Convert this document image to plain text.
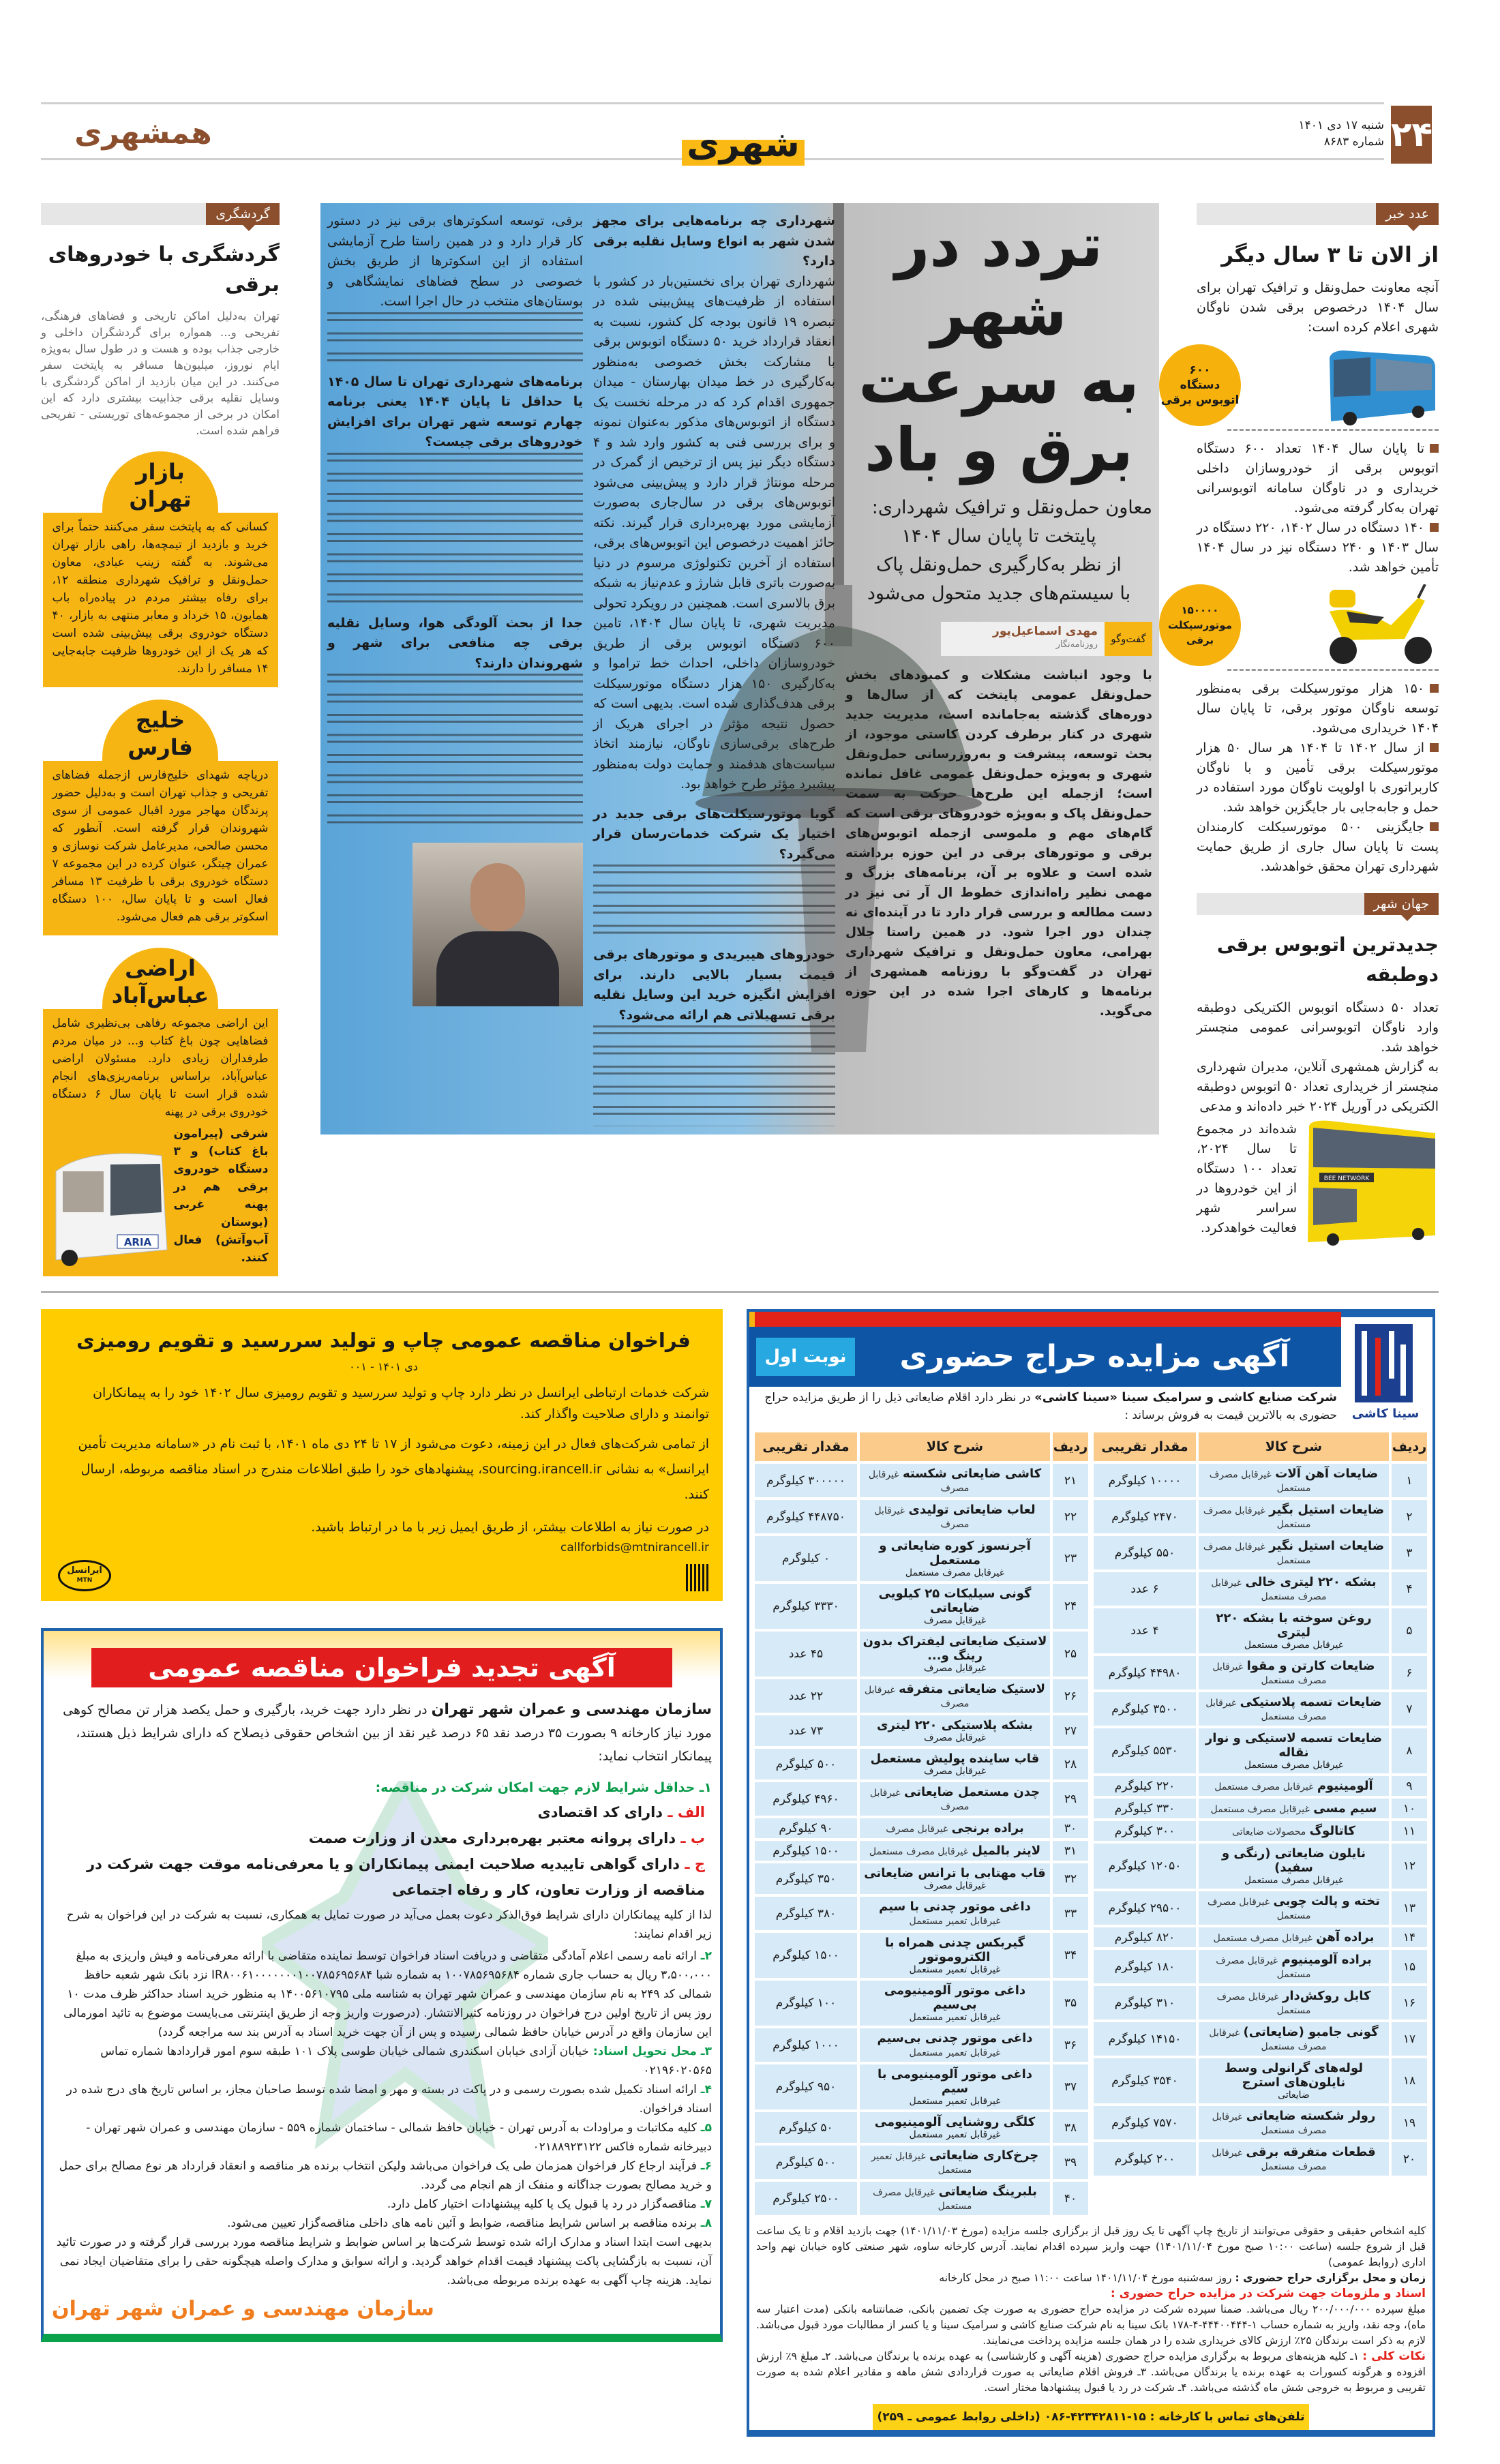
۲۴
شنبه ۱۷ دی ۱۴۰۱
شماره ۸۶۸۳
همشهری	شهری
گردشگری
گردشگری با خودروهای برقی
تهران به‌دلیل اماکن تاریخی و فضاهای فرهنگی، تفریحی و... همواره برای گردشگران داخلی و خارجی جذاب بوده و هست و در طول سال به‌ویژه ایام نوروز، میلیون‌ها مسافر به پایتخت سفر می‌کنند. در این میان بازدید از اماکن گردشگری با وسایل نقلیه برقی جذابیت بیشتری دارد که این امکان در برخی از مجموعه‌های توریستی - تفریحی فراهم شده است.
بازار
تهران
کسانی که به پایتخت سفر می‌کنند حتماً برای خرید و بازدید از تیمچه‌ها، راهی بازار تهران می‌شوند. به گفته زینب عبادی، معاون حمل‌ونقل و ترافیک شهرداری منطقه ۱۲، برای رفاه بیشتر مردم در پیاده‌راه باب همایون، ۱۵ خرداد و معابر منتهی به بازار، ۴۰ دستگاه خودروی برقی پیش‌بینی شده است که هر یک از این خودروها ظرفیت جابه‌جایی ۱۴ مسافر را دارند.
خلیج
فارس
دریاچه شهدای خلیج‌فارس ازجمله فضاهای تفریحی و جذاب تهران است و به‌دلیل حضور پرندگان مهاجر مورد اقبال عمومی از سوی شهروندان قرار گرفته است. آنطور که محسن صالحی، مدیرعامل شرکت نوسازی و عمران چیتگر، عنوان کرده در این مجموعه ۷ دستگاه خودروی برقی با ظرفیت ۱۳ مسافر فعال است و تا پایان سال، ۱۰۰ دستگاه اسکوتر برقی هم فعال می‌شود.
اراضی
عباس‌آباد
این اراضی مجموعه رفاهی بی‌نظیری شامل فضاهایی چون باغ کتاب و... در میان مردم طرفداران زیادی دارد. مسئولان اراضی عباس‌آباد، براساس برنامه‌ریزی‌های انجام شده قرار است تا پایان سال ۶ دستگاه خودروی برقی در پهنه
ARIA
شرقی (پیرامون باغ کتاب) و ۳ دستگاه خودروی برقی هم در پهنه غربی (بوستان آب‌وآتش) فعال کنند.
تردد در شهر
به سرعت
برق و باد
معاون حمل‌ونقل و ترافیک شهرداری:
پایتخت تا پایان سال ۱۴۰۴
از نظر به‌کارگیری حمل‌ونقل پاک
با سیستم‌های جدید متحول می‌شود
گفت‌وگو
مهدی اسماعیل‌پور
روزنامه‌نگار
با وجود انباشت مشکلات و کمبودهای بخش حمل‌ونقل عمومی پایتخت که از سال‌ها و دوره‌های گذشته به‌جامانده است، مدیریت جدید شهری در کنار برطرف کردن کاستی موجود، از بحث توسعه، پیشرفت و به‌روزرسانی حمل‌ونقل شهری و به‌ویژه حمل‌ونقل عمومی غافل نمانده است؛ ازجمله این طرح‌ها حرکت به سمت حمل‌ونقل پاک و به‌ویژه خودروهای برقی است که گام‌های مهم و ملموسی ازجمله اتوبوس‌های برقی و موتورهای برقی در این حوزه برداشته شده است و علاوه بر آن، برنامه‌های بزرگ و مهمی نظیر راه‌اندازی خطوط ال آر تی نیز در دست مطالعه و بررسی قرار دارد تا در آینده‌ای نه چندان دور اجرا شود. در همین راستا جلال بهرامی، معاون حمل‌ونقل و ترافیک شهرداری تهران در گفت‌وگو با روزنامه همشهری از برنامه‌ها و کارهای اجرا شده در این حوزه می‌گوید.
شهرداری چه برنامه‌هایی برای مجهز شدن شهر به انواع وسایل نقلیه برقی دارد؟
شهرداری تهران برای نخستین‌بار در کشور با استفاده از ظرفیت‌های پیش‌بینی شده در تبصره ۱۹ قانون بودجه کل کشور، نسبت به انعقاد قرارداد خرید ۵۰ دستگاه اتوبوس برقی با مشارکت بخش خصوصی به‌منظور به‌کارگیری در خط میدان بهارستان - میدان جمهوری اقدام کرد که در مرحله نخست یک دستگاه از اتوبوس‌های مذکور به‌عنوان نمونه و برای بررسی فنی به کشور وارد شد و ۴ دستگاه دیگر نیز پس از ترخیص از گمرک در مرحله مونتاژ قرار دارد و پیش‌بینی می‌شود اتوبوس‌های برقی در سال‌جاری به‌صورت آزمایشی مورد بهره‌برداری قرار گیرند. نکته حائز اهمیت درخصوص این اتوبوس‌های برقی، استفاده از آخرین تکنولوژی مرسوم در دنیا به‌صورت باتری قابل شارژ و عدم‌نیاز به شبکه برق بالاسری است. همچنین در رویکرد تحولی مدیریت شهری، تا پایان سال ۱۴۰۴، تامین ۶۰۰ دستگاه اتوبوس برقی از طریق خودروسازان داخلی، احداث خط تراموا و به‌کارگیری ۱۵۰ هزار دستگاه موتورسیکلت برقی هدف‌گذاری شده است. بدیهی است که حصول نتیجه مؤثر در اجرای هریک از طرح‌های برقی‌سازی ناوگان، نیازمند اتخاذ سیاست‌های هدفمند و حمایت دولت به‌منظور پیشبرد مؤثر طرح خواهد بود.
گویا موتورسیکلت‌های برقی جدید در اختیار یک شرکت خدمات‌رسان قرار می‌گیرد؟
خودروهای هیبریدی و موتورهای برقی قیمت بسیار بالایی دارند. برای افزایش انگیزه خرید این وسایل نقلیه برقی تسهیلاتی هم ارائه می‌شود؟
برقی، توسعه اسکوترهای برقی نیز در دستور کار قرار دارد و در همین راستا طرح آزمایشی استفاده از این اسکوترها از طریق بخش خصوصی در سطح فضاهای نمایشگاهی و بوستان‌های منتخب در حال اجرا است.
برنامه‌های شهرداری تهران تا سال ۱۴۰۵ یا حداقل تا پایان ۱۴۰۴ یعنی برنامه چهارم توسعه شهر تهران برای افزایش خودروهای برقی چیست؟
جدا از بحث آلودگی هوا، وسایل نقلیه برقی چه منافعی برای شهر و شهروندان دارند؟
عدد خبر
از الان تا ۳ سال دیگر
آنچه معاونت حمل‌ونقل و ترافیک تهران برای سال ۱۴۰۴ درخصوص برقی شدن ناوگان شهری اعلام کرده است:
۶۰۰
دستگاه
اتوبوس برقی
تا پایان سال ۱۴۰۴ تعداد ۶۰۰ دستگاه اتوبوس برقی از خودروسازان داخلی خریداری و در ناوگان سامانه اتوبوسرانی تهران به‌کار گرفته می‌شود.
۱۴۰ دستگاه در سال ۱۴۰۲، ۲۲۰ دستگاه در سال ۱۴۰۳ و ۲۴۰ دستگاه نیز در سال ۱۴۰۴ تأمین خواهد شد.
۱۵۰۰۰۰
موتورسیکلت
برقی
۱۵۰ هزار موتورسیکلت برقی به‌منظور توسعه ناوگان موتور برقی، تا پایان سال ۱۴۰۴ خریداری می‌شود.
از سال ۱۴۰۲ تا ۱۴۰۴ هر سال ۵۰ هزار موتورسیکلت برقی تأمین و با ناوگان کاربراتوری با اولویت ناوگان مورد استفاده در حمل و جابه‌جایی بار جایگزین خواهد شد.
جایگزینی ۵۰۰ موتورسیکلت کارمندان پست تا پایان سال جاری از طریق حمایت شهرداری تهران محقق خواهدشد.
جهان شهر
جدیدترین اتوبوس برقی دوطبقه
تعداد ۵۰ دستگاه اتوبوس الکتریکی دوطبقه وارد ناوگان اتوبوسرانی عمومی منچستر خواهد شد.
به گزارش همشهری آنلاین، مدیران شهرداری منچستر از خریداری تعداد ۵۰ اتوبوس دوطبقه الکتریکی در آوریل ۲۰۲۴ خبر داده‌اند و مدعی
شده‌اند در مجموع تا سال ۲۰۲۴، تعداد ۱۰۰ دستگاه از این خودروها در سراسر شهر فعالیت خواهدکرد.
BEE NETWORK
فراخوان مناقصه عمومی چاپ و تولید سررسید و تقویم رومیزی
دی ۱۴۰۱ - ۰۰۱

شرکت خدمات ارتباطی ایرانسل در نظر دارد چاپ و تولید سررسید و تقویم رومیزی سال ۱۴۰۲ خود را به پیمانکاران توانمند و دارای صلاحیت واگذار کند.

از تمامی شرکت‌های فعال در این زمینه، دعوت می‌شود از ۱۷ تا ۲۴ دی ماه ۱۴۰۱، با ثبت نام در «سامانه مدیریت تأمین ایرانسل» به نشانی sourcing.irancell.ir، پیشنهادهای خود را طبق اطلاعات مندرج در اسناد مناقصه مربوطه، ارسال کنند.

در صورت نیاز به اطلاعات بیشتر، از طریق ایمیل زیر با ما در ارتباط باشید.

callforbids@mtnirancell.ir
ایرانسل
MTN
آگهی تجدید فراخوان مناقصه عمومی

سازمان مهندسی و عمران شهر تهران در نظر دارد جهت خرید، بارگیری و حمل یکصد هزار تن مصالح کوهی مورد نیاز کارخانه ۹ بصورت ۳۵ درصد نقد ۶۵ درصد غیر نقد از بین اشخاص حقوقی ذیصلاح که دارای شرایط ذیل هستند، پیمانکار انتخاب نماید:

۱ـ حداقل شرایط لازم جهت امکان شرکت در مناقصه:

الف ـ دارای کد اقتصادی

ب ـ دارای پروانه معتبر بهره‌برداری معدن از وزارت صمت

ج ـ دارای گواهی تاییدیه صلاحیت ایمنی پیمانکاران و یا معرفی‌نامه موقت جهت شرکت در مناقصه از وزارت تعاون، کار و رفاه اجتماعی

لذا از کلیه پیمانکاران دارای شرایط فوق‌الذکر دعوت بعمل می‌آید در صورت تمایل به همکاری، نسبت به شرکت در این فراخوان به شرح زیر اقدام نمایند:

۲ـ ارائه نامه رسمی اعلام آمادگی متقاضی و دریافت اسناد فراخوان توسط نماینده متقاضی با ارائه معرفی‌نامه و فیش واریزی به مبلغ ۳،۵۰۰،۰۰۰ ریال به حساب جاری شماره ۱۰۰۷۸۵۶۹۵۶۸۴ به شماره شبا IR۸۰۰۶۱۰۰۰۰۰۰۰۱۰۰۷۸۵۶۹۵۶۸۴ نزد بانک شهر شعبه حافظ شمالی کد ۲۴۹ به نام سازمان مهندسی و عمران شهر تهران به شناسه ملی ۱۴۰۰۵۶۱۰۷۹۵ به منظور خرید اسناد حداکثر ظرف مدت ۱۰ روز پس از تاریخ اولین درج فراخوان در روزنامه کثیرالانتشار. (درصورت واریز وجه از طریق اینترنتی می‌بایست موضوع به تائید امورمالی این سازمان واقع در آدرس خیابان حافظ شمالی رسیده و پس از آن جهت خرید اسناد به آدرس بند سه مراجعه گردد)

۳ـ محل تحویل اسناد: خیابان آزادی خیابان اسکندری شمالی خیابان طوسی پلاک ۱۰۱ طبقه سوم امور قراردادها شماره تماس ۰۲۱۹۶۰۲۰۵۶۵

۴ـ ارائه اسناد تکمیل شده بصورت رسمی و در پاکت در بسته و مهر و امضا شده توسط صاحبان مجاز، بر اساس تاریخ های درج شده در اسناد فراخوان.

۵ـ کلیه مکاتبات و مراودات به آدرس تهران - خیابان حافظ شمالی - ساختمان شماره ۵۵۹ - سازمان مهندسی و عمران شهر تهران - دبیرخانه شماره فاکس ۰۲۱۸۸۹۲۳۱۲۲

۶ـ فرآیند ارجاع کار فراخوان همزمان طی یک فراخوان می‌باشد ولیکن انتخاب برنده هر مناقصه و انعقاد قرارداد هر نوع مصالح برای حمل و خرید مصالح بصورت جداگانه و منفک از هم انجام می گردد.

۷ـ مناقصه‌گزار در رد یا قبول یک یا کلیه پیشنهادات اختیار کامل دارد.

۸ـ برنده مناقصه بر اساس شرایط مناقصه، ضوابط و آئین نامه های داخلی مناقصه‌گزار تعیین می‌شود.

بدیهی است ابتدا اسناد و مدارک ارائه شده توسط شرکت‌ها بر اساس ضوابط و شرایط مناقصه مورد بررسی قرار گرفته و در صورت تائید آن، نسبت به بازگشایی پاکت پیشنهاد قیمت اقدام خواهد گردید. و ارائه سوابق و مدارک واصله هیچگونه حقی را برای متقاضیان ایجاد نمی نماید. هزینه چاپ آگهی به عهده برنده مربوطه می‌باشد.

سازمان مهندسی و عمران شهر تهران
نوبت اول	آگهی مزایده حراج حضوری
سینا کاشی
شرکت صنایع کاشی و سرامیک سینا «سینا کاشی» در نظر دارد اقلام ضایعاتی ذیل را از طریق مزایده حراج حضوری به بالاترین قیمت به فروش برساند :
ردیف	شرح کالا	مقدار تقریبی
۲۱	کاشی ضایعاتی شکسته غیرقابل مصرف	۳۰۰۰۰۰ کیلوگرم
۲۲	لعاب ضایعاتی تولیدی غیرقابل مصرف	۴۴۸۷۵۰ کیلوگرم
۲۳	آجرنسوز کوره ضایعاتی و مستعمل
غیرقابل مصرف مستعمل	۰ کیلوگرم
۲۴	گونی سیلیکات ۲۵ کیلویی ضایعاتی
غیرقابل مصرف	۳۳۳۰ کیلوگرم
۲۵	لاستیک ضایعاتی لیفتراک بدون رینگ و...
غیرقابل مصرف	۴۵ عدد
۲۶	لاستیک ضایعاتی متفرقه غیرقابل مصرف	۲۲ عدد
۲۷	بشکه پلاستیکی ۲۲۰ لیتری
غیرقابل مصرف	۷۳ عدد
۲۸	قاب ساینده پولیش مستعمل
غیرقابل مصرف	۵۰۰ کیلوگرم
۲۹	چدن مستعمل ضایعاتی غیرقابل مصرف	۴۹۶۰ کیلوگرم
۳۰	براده برنجی غیرقابل مصرف	۹۰ کیلوگرم
۳۱	لاینر بالمیل غیرقابل مصرف مستعمل	۱۵۰۰ کیلوگرم
۳۲	قاب مهتابی با ترانس ضایعاتی
غیرقابل مصرف	۳۵۰ کیلوگرم
۳۳	داغی موتور چدنی با سیم غیرقابل تعمیر مستعمل	۳۸۰ کیلوگرم
۳۴	گیربکس چدنی همراه با الکتروموتور
غیرقابل تعمیر مستعمل	۱۵۰۰ کیلوگرم
۳۵	داغی موتور آلومینیومی بی‌سیم
غیرقابل تعمیر مستعمل	۱۰۰ کیلوگرم
۳۶	داغی موتور چدنی بی‌سیم غیرقابل تعمیر مستعمل	۱۰۰۰ کیلوگرم
۳۷	داغی موتور آلومینیومی با سیم
غیرقابل تعمیر مستعمل	۹۵۰ کیلوگرم
۳۸	کلگی روشنایی آلومینیومی
غیرقابل تعمیر مستعمل	۵۰ کیلوگرم
۳۹	چرخ‌کاری ضایعاتی غیرقابل تعمیر مستعمل	۵۰۰ کیلوگرم
۴۰	بلبرینگ ضایعاتی غیرقابل مصرف مستعمل	۲۵۰۰ کیلوگرم
ردیف	شرح کالا	مقدار تقریبی
۱	ضایعات آهن آلات غیرقابل مصرف مستعمل	۱۰۰۰۰ کیلوگرم
۲	ضایعات استیل بگیر غیرقابل مصرف مستعمل	۲۴۷۰ کیلوگرم
۳	ضایعات استیل نگیر غیرقابل مصرف مستعمل	۵۵۰ کیلوگرم
۴	بشکه ۲۲۰ لیتری خالی غیرقابل مصرف مستعمل	۶ عدد
۵	روغن سوخته با بشکه ۲۲۰ لیتری
غیرقابل مصرف مستعمل	۴ عدد
۶	ضایعات کارتن و مقوا غیرقابل مصرف مستعمل	۴۴۹۸۰ کیلوگرم
۷	ضایعات تسمه پلاستیکی غیرقابل مصرف مستعمل	۳۵۰۰ کیلوگرم
۸	ضایعات تسمه لاستیکی و نوار نقاله
غیرقابل مصرف مستعمل	۵۵۳۰ کیلوگرم
۹	آلومینیوم غیرقابل مصرف مستعمل	۲۲۰ کیلوگرم
۱۰	سیم مسی غیرقابل مصرف مستعمل	۳۳۰ کیلوگرم
۱۱	کاتالوگ محصولات ضایعاتی	۳۰۰ کیلوگرم
۱۲	نایلون ضایعاتی (رنگی و سفید)
غیرقابل مصرف مستعمل	۱۲۰۵۰ کیلوگرم
۱۳	تخته و پالت چوبی غیرقابل مصرف مستعمل	۲۹۵۰۰ کیلوگرم
۱۴	براده آهن غیرقابل مصرف مستعمل	۸۲۰ کیلوگرم
۱۵	براده آلومینیوم غیرقابل مصرف مستعمل	۱۸۰ کیلوگرم
۱۶	کابل روکش‌دار غیرقابل مصرف مستعمل	۳۱۰ کیلوگرم
۱۷	گونی جامبو (ضایعاتی) غیرقابل مصرف مستعمل	۱۴۱۵۰ کیلوگرم
۱۸	لوله‌های گرانولی وسط نایلون‌های استرج
ضایعاتی	۳۵۴۰ کیلوگرم
۱۹	رولر شکسته ضایعاتی غیرقابل مصرف مستعمل	۷۵۷۰ کیلوگرم
۲۰	قطعات متفرقه برقی غیرقابل مصرف مستعمل	۲۰۰ کیلوگرم

کلیه اشخاص حقیقی و حقوقی می‌توانند از تاریخ چاپ آگهی تا یک روز قبل از برگزاری جلسه مزایده (مورخ ۱۴۰۱/۱۱/۰۳) جهت بازدید اقلام و تا یک ساعت قبل از شروع جلسه (ساعت ۱۰:۰۰ صبح مورخ ۱۴۰۱/۱۱/۰۴) جهت واریز سپرده اقدام نمایند. آدرس کارخانه ساوه، شهر صنعتی کاوه خیابان نهم واحد اداری (روابط عمومی)

زمان و محل برگزاری حراج حضوری : روز سه‌شنبه مورخ ۱۴۰۱/۱۱/۰۴ ساعت ۱۱:۰۰ صبح در محل کارخانه

اسناد و ملزومات جهت شرکت در مزایده حراج حضوری :

مبلغ سپرده ۲۰۰/۰۰۰/۰۰۰ ریال می‌باشد. ضمنا سپرده شرکت در مزایده حراج حضوری به صورت چک تضمین بانکی، ضمانتنامه بانکی (مدت اعتبار سه ماه)، وجه نقد، واریز به شماره حساب ۱-۴۴۴۰۰۴۴۴-۴-۱۷۸ بانک سینا به نام شرکت صنایع کاشی و سرامیک سینا و یا کسر از مطالبات مورد قبول می‌باشد. لازم به ذکر است برندگان ۲۵٪ ارزش کالای خریداری شده را در همان جلسه مزایده پرداخت می‌نمایند.

نکات کلی : ۱ـ کلیه هزینه‌های مربوط به برگزاری مزایده حراج حضوری (هزینه آگهی و کارشناسی) به عهده برنده یا برندگان می‌باشد. ۲ـ مبلغ ۹٪ ارزش افزوده و هرگونه کسورات به عهده برنده یا برندگان می‌باشد. ۳ـ فروش اقلام ضایعاتی به صورت قراردادی شش ماهه و مقادیر اعلام شده به صورت تقریبی و مربوط به خروجی شش ماه گذشته می‌باشد. ۴ـ شرکت در رد یا قبول پیشنهادها مختار است.

تلفن‌های تماس با کارخانه : ۱۵-۴۲۳۴۲۸۱۱-۰۸۶ (داخلی روابط عمومی ـ ۲۵۹)
